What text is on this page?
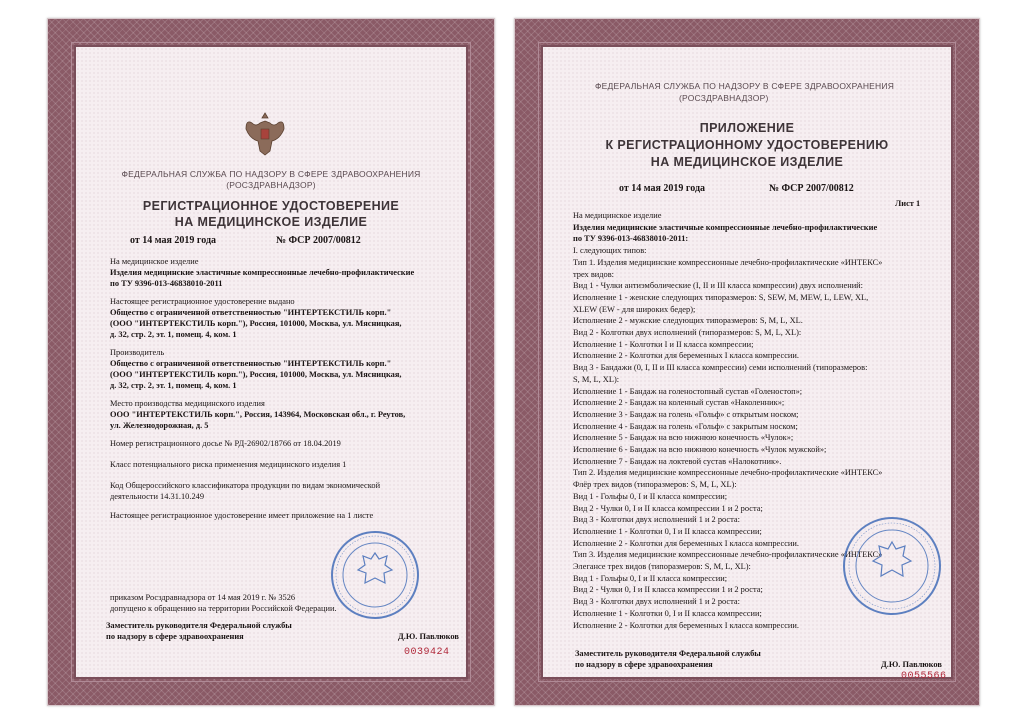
ФЕДЕРАЛЬНАЯ СЛУЖБА ПО НАДЗОРУ В СФЕРЕ ЗДРАВООХРАНЕНИЯ
(РОСЗДРАВНАДЗОР)
РЕГИСТРАЦИОННОЕ УДОСТОВЕРЕНИЕ
НА МЕДИЦИНСКОЕ ИЗДЕЛИЕ
от 14 мая 2019 года	№ ФСР 2007/00812
На медицинское изделие
Изделия медицинские эластичные компрессионные лечебно-профилактические
по ТУ 9396-013-46838010-2011
Настоящее регистрационное удостоверение выдано
Общество с ограниченной ответственностью "ИНТЕРТЕКСТИЛЬ корп."
(ООО "ИНТЕРТЕКСТИЛЬ корп."), Россия, 101000, Москва, ул. Мясницкая,
д. 32, стр. 2, эт. 1, помещ. 4, ком. 1
Производитель
Общество с ограниченной ответственностью "ИНТЕРТЕКСТИЛЬ корп."
(ООО "ИНТЕРТЕКСТИЛЬ корп."), Россия, 101000, Москва, ул. Мясницкая,
д. 32, стр. 2, эт. 1, помещ. 4, ком. 1
Место производства медицинского изделия
ООО "ИНТЕРТЕКСТИЛЬ корп.", Россия, 143964, Московская обл., г. Реутов,
ул. Железнодорожная, д. 5
Номер регистрационного досье № РД-26902/18766 от 18.04.2019
Класс потенциального риска применения медицинского изделия 1
Код Общероссийского классификатора продукции по видам экономической
деятельности 14.31.10.249
Настоящее регистрационное удостоверение имеет приложение на 1 листе
приказом Росздравнадзора от 14 мая 2019 г. № 3526
допущено к обращению на территории Российской Федерации.
Заместитель руководителя Федеральной службы
по надзору в сфере здравоохранения	Д.Ю. Павлюков
0039424
ФЕДЕРАЛЬНАЯ СЛУЖБА ПО НАДЗОРУ В СФЕРЕ ЗДРАВООХРАНЕНИЯ
(РОСЗДРАВНАДЗОР)
ПРИЛОЖЕНИЕ
К РЕГИСТРАЦИОННОМУ УДОСТОВЕРЕНИЮ
НА МЕДИЦИНСКОЕ ИЗДЕЛИЕ
от 14 мая 2019 года	№ ФСР 2007/00812
Лист 1
На медицинское изделие
Изделия медицинские эластичные компрессионные лечебно-профилактические
по ТУ 9396-013-46838010-2011:
I. следующих типов:
Тип 1. Изделия медицинские компрессионные лечебно-профилактические «ИНТЕКС»
трех видов:
Вид 1 - Чулки антиэмболические (I, II и III класса компрессии) двух исполнений:
Исполнение 1 - женские следующих типоразмеров: S, SEW, M, MEW, L, LEW, XL,
XLEW (EW - для широких бедер);
Исполнение 2 - мужские следующих типоразмеров: S, M, L, XL.
Вид 2 - Колготки двух исполнений (типоразмеров: S, M, L, XL):
Исполнение 1 - Колготки I и II класса компрессии;
Исполнение 2 - Колготки для беременных I класса компрессии.
Вид 3 - Бандажи (0, I, II и III класса компрессии) семи исполнений (типоразмеров:
S, M, L, XL):
Исполнение 1 - Бандаж на голеностопный сустав «Голеностоп»;
Исполнение 2 - Бандаж на коленный сустав «Наколенник»;
Исполнение 3 - Бандаж на голень «Гольф» с открытым носком;
Исполнение 4 - Бандаж на голень «Гольф» с закрытым носком;
Исполнение 5 - Бандаж на всю нижнюю конечность «Чулок»;
Исполнение 6 - Бандаж на всю нижнюю конечность «Чулок мужской»;
Исполнение 7 - Бандаж на локтевой сустав «Налокотник».
Тип 2. Изделия медицинские компрессионные лечебно-профилактические «ИНТЕКС»
Флёр трех видов (типоразмеров: S, M, L, XL):
Вид 1 - Гольфы 0, I и II класса компрессии;
Вид 2 - Чулки 0, I и II класса компрессии 1 и 2 роста;
Вид 3 - Колготки двух исполнений 1 и 2 роста:
Исполнение 1 - Колготки 0, I и II класса компрессии;
Исполнение 2 - Колготки для беременных I класса компрессии.
Тип 3. Изделия медицинские компрессионные лечебно-профилактические «ИНТЕКС»
Элегансе трех видов (типоразмеров: S, M, L, XL):
Вид 1 - Гольфы 0, I и II класса компрессии;
Вид 2 - Чулки 0, I и II класса компрессии 1 и 2 роста;
Вид 3 - Колготки двух исполнений 1 и 2 роста:
Исполнение 1 - Колготки 0, I и II класса компрессии;
Исполнение 2 - Колготки для беременных I класса компрессии.
Заместитель руководителя Федеральной службы
по надзору в сфере здравоохранения	Д.Ю. Павлюков
0055566
